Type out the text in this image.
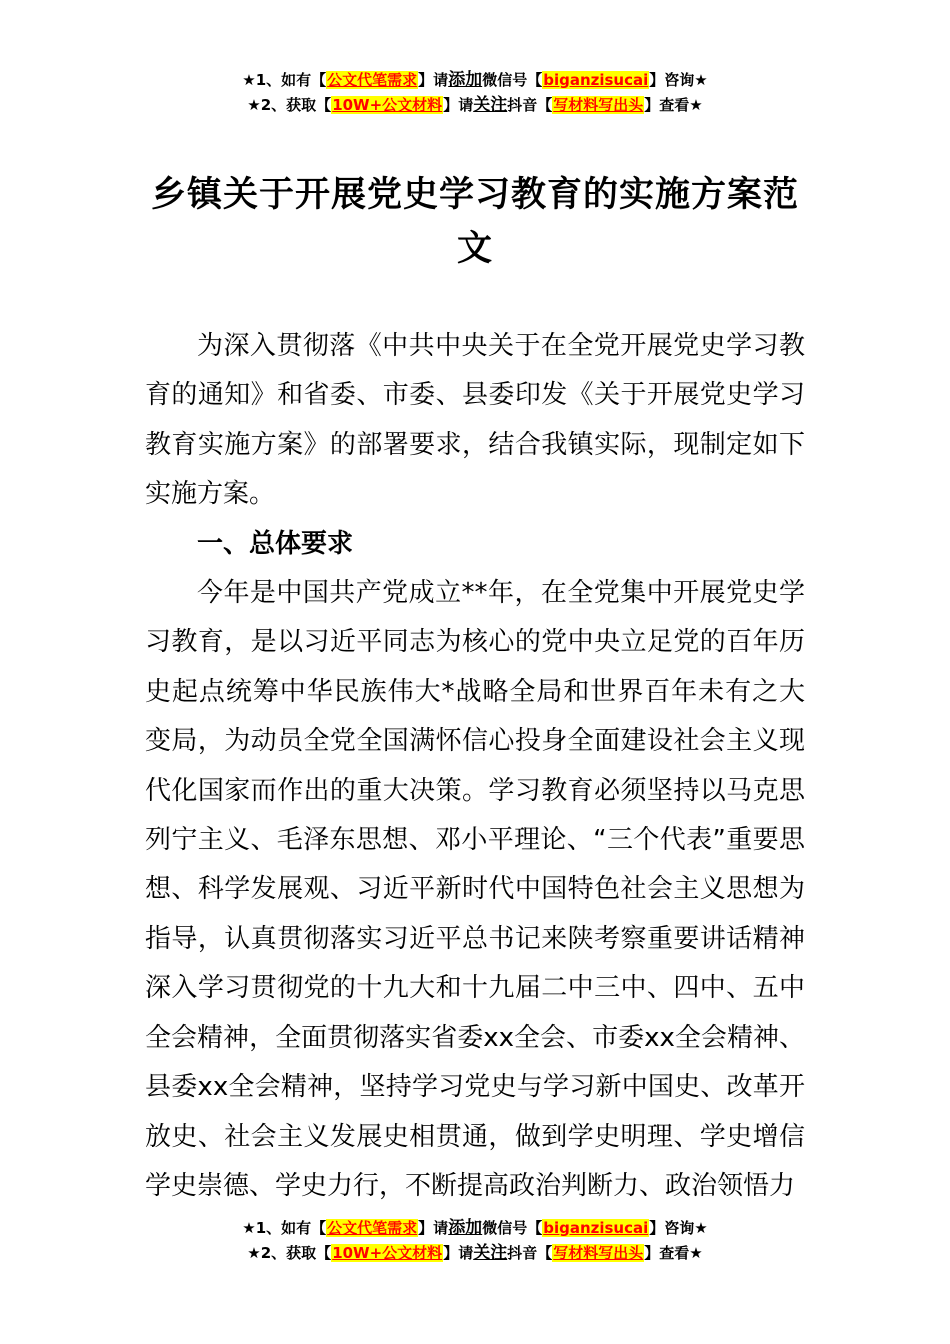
★1、如有【公文代笔需求】请添加微信号【biganzisucai】咨询★
★2、获取【10W+公文材料】请关注抖音【写材料写出头】查看★
乡镇关于开展党史学习教育的实施方案范文

为深入贯彻落《中共中央关于在全党开展党史学习教育的通知》和省委、市委、县委印发《关于开展党史学习教育实施方案》的部署要求，结合我镇实际，现制定如下实施方案。

一、总体要求

今年是中国共产党成立**年，在全党集中开展党史学习教育，是以习近平同志为核心的党中央立足党的百年历史起点统筹中华民族伟大*战略全局和世界百年未有之大变局，为动员全党全国满怀信心投身全面建设社会主义现代化国家而作出的重大决策。学习教育必须坚持以马克思列宁主义、毛泽东思想、邓小平理论、“三个代表”重要思想、科学发展观、习近平新时代中国特色社会主义思想为指导，认真贯彻落实习近平总书记来陕考察重要讲话精神深入学习贯彻党的十九大和十九届二中三中、四中、五中全会精神，全面贯彻落实省委xx全会、市委xx全会精神、县委xx全会精神，坚持学习党史与学习新中国史、改革开放史、社会主义发展史相贯通，做到学史明理、学史增信学史崇德、学史力行，不断提高政治判断力、政治领悟力

★1、如有【公文代笔需求】请添加微信号【biganzisucai】咨询★
★2、获取【10W+公文材料】请关注抖音【写材料写出头】查看★
